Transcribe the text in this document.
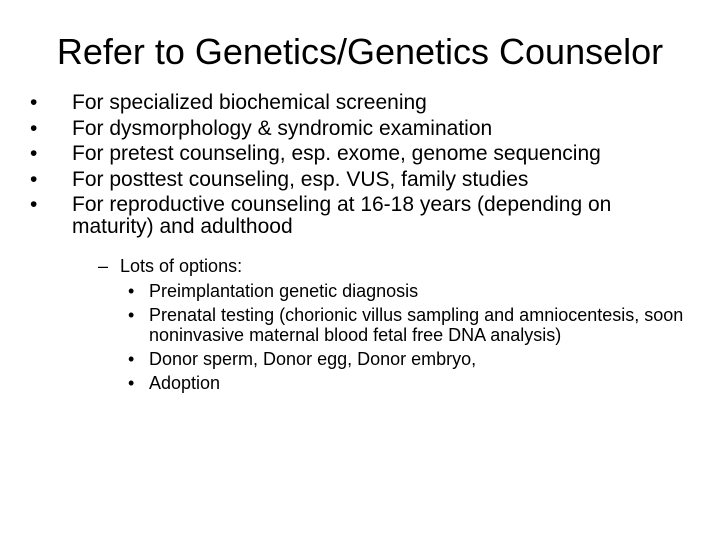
Refer to Genetics/Genetics Counselor
•	For specialized biochemical screening
•	For dysmorphology & syndromic examination
•	For pretest counseling, esp. exome, genome sequencing
•	For posttest counseling, esp. VUS, family studies
•	For reproductive counseling at 16-18 years (depending on maturity) and adulthood
– Lots of options:
• Preimplantation genetic diagnosis
• Prenatal testing (chorionic villus sampling and amniocentesis, soon noninvasive maternal blood fetal free DNA analysis)
• Donor sperm, Donor egg, Donor embryo,
• Adoption
